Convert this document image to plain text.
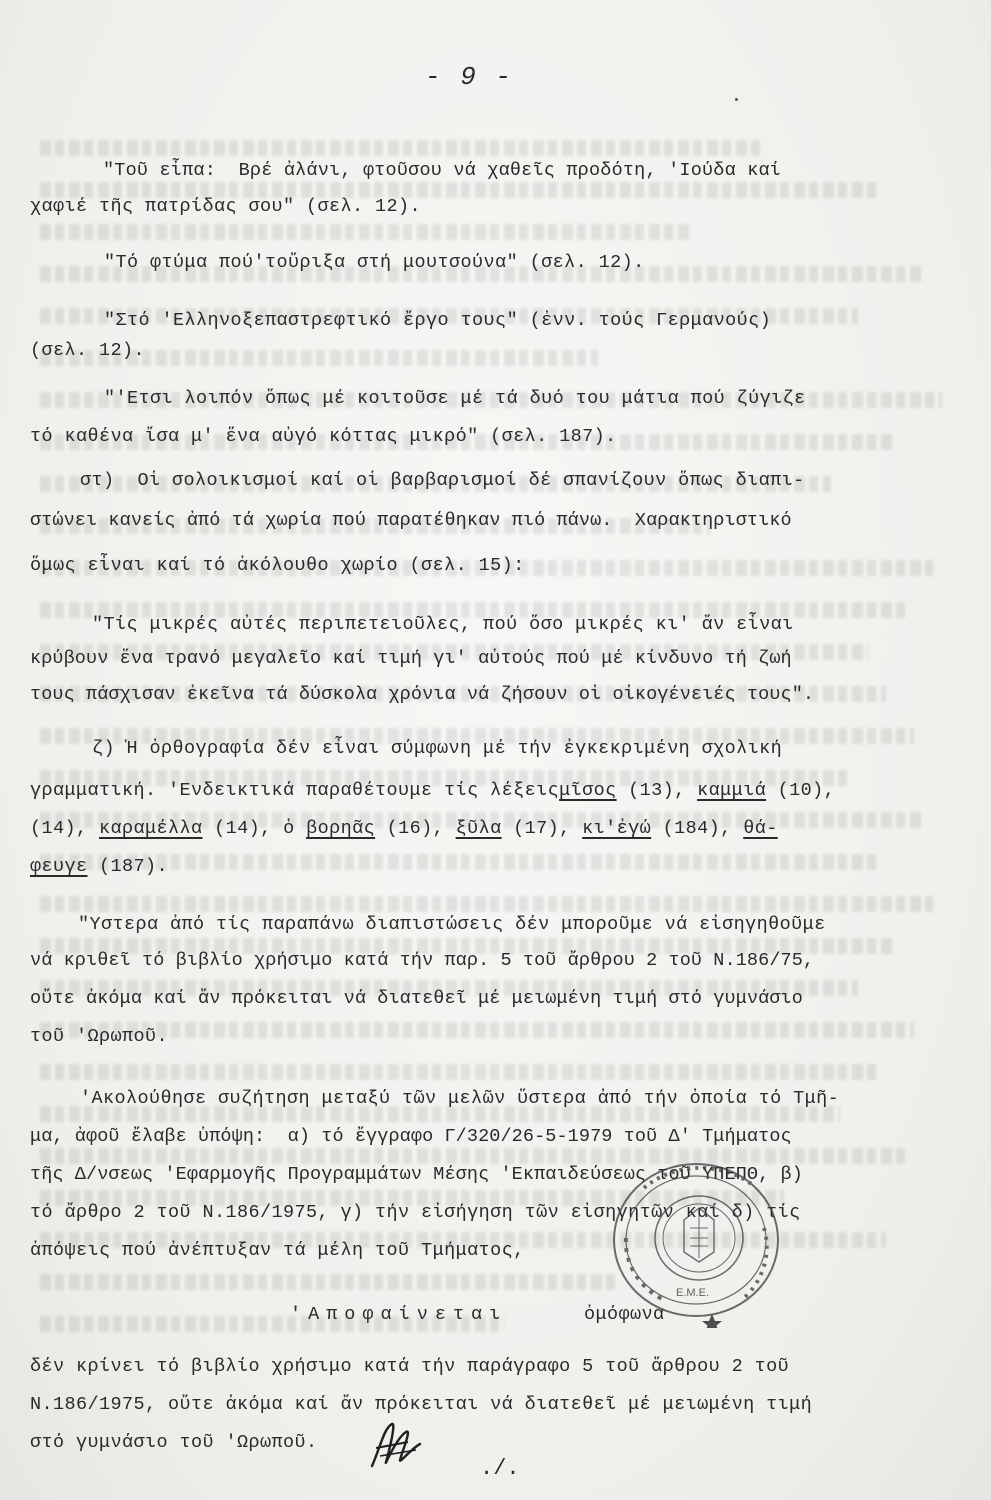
- 9 -
"Τοῦ εἶπα:  Βρέ ἀλάνι, φτοῦσου νά χαθεῖς προδότη, 'Ιούδα καί
χαφιέ τῆς πατρίδας σου" (σελ. 12).
"Τό φτύμα πού'τοὔριξα στή μουτσούνα" (σελ. 12).
"Στό 'Ελληνοξεπαστρεφτικό ἔργο τους" (ἐνν. τούς Γερμανούς)
(σελ. 12).
"'Ετσι λοιπόν ὅπως μέ κοιτοῦσε μέ τά δυό του μάτια πού ζύγιζε
τό καθένα ἴσα μ' ἕνα αὐγό κόττας μικρό" (σελ. 187).
στ)  Οἱ σολοικισμοί καί οἱ βαρβαρισμοί δέ σπανίζουν ὅπως διαπι-
στώνει κανείς ἀπό τά χωρία πού παρατέθηκαν πιό πάνω.  Χαρακτηριστικό
ὅμως εἶναι καί τό ἀκόλουθο χωρίο (σελ. 15):
"Τίς μικρές αὐτές περιπετειοῦλες, πού ὅσο μικρές κι' ἄν εἶναι
κρύβουν ἕνα τρανό μεγαλεῖο καί τιμή γι' αὐτούς πού μέ κίνδυνο τή ζωή
τους πάσχισαν ἐκεῖνα τά δύσκολα χρόνια νά ζήσουν οἱ οἰκογένειές τους".
ζ) Ἡ ὀρθογραφία δέν εἶναι σύμφωνη μέ τήν ἐγκεκριμένη σχολική
γραμματική. 'Ενδεικτικά παραθέτουμε τίς λέξειςμῖσος (13), καμμιά (10),
(14), καραμέλλα (14), ὁ βορηᾶς (16), ξῦλα (17), κι'ἐγώ (184), θά-
φευγε (187).
"Υστερα ἀπό τίς παραπάνω διαπιστώσεις δέν μποροῦμε νά εἰσηγηθοῦμε
νά κριθεῖ τό βιβλίο χρήσιμο κατά τήν παρ. 5 τοῦ ἄρθρου 2 τοῦ Ν.186/75,
οὔτε ἀκόμα καί ἄν πρόκειται νά διατεθεῖ μέ μειωμένη τιμή στό γυμνάσιο
τοῦ 'Ωρωποῦ.
'Ακολούθησε συζήτηση μεταξύ τῶν μελῶν ὕστερα ἀπό τήν ὁποία τό Τμῆ-
μα, ἀφοῦ ἔλαβε ὑπόψη:  α) τό ἔγγραφο Γ/320/26-5-1979 τοῦ Δ' Τμήματος
τῆς Δ/νσεως 'Εφαρμογῆς Προγραμμάτων Μέσης 'Εκπαιδεύσεως τοῦ ΥΠΕΠΘ, β)
τό ἄρθρο 2 τοῦ Ν.186/1975, γ) τήν εἰσήγηση τῶν εἰσηγητῶν καί δ) τίς
ἀπόψεις πού ἀνέπτυξαν τά μέλη τοῦ Τμήματος,
'Αποφαίνεται	ὁμόφωνα
δέν κρίνει τό βιβλίο χρήσιμο κατά τήν παράγραφο 5 τοῦ ἄρθρου 2 τοῦ
Ν.186/1975, οὔτε ἀκόμα καί ἄν πρόκειται νά διατεθεῖ μέ μειωμένη τιμή
στό γυμνάσιο τοῦ 'Ωρωποῦ.
Ε.Μ.Ε.
./.
